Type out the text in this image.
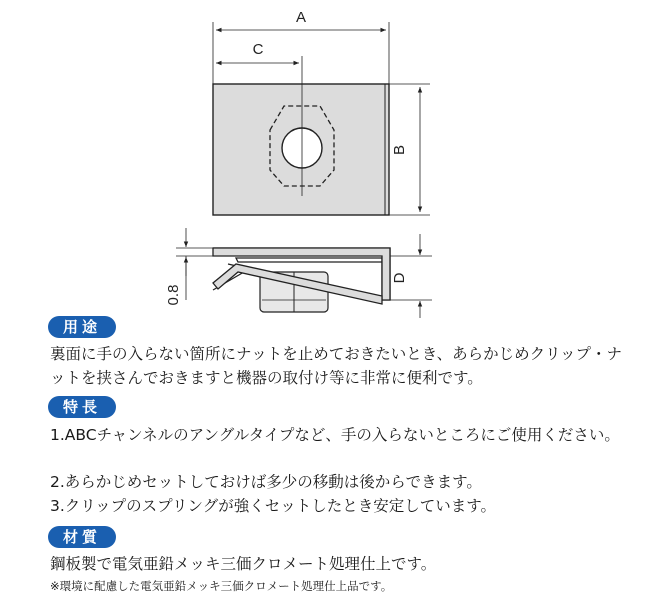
A
C
B
0.8
D
用途
裏面に手の入らない箇所にナットを止めておきたいとき、あらかじめクリップ・ナットを挟さんでおきますと機器の取付け等に非常に便利です。
特長
1.ABCチャンネルのアングルタイプなど、手の入らないところにご使用ください。
2.あらかじめセットしておけば多少の移動は後からできます。
3.クリップのスプリングが強くセットしたとき安定しています。
材質
鋼板製で電気亜鉛メッキ三価クロメート処理仕上です。
※環境に配慮した電気亜鉛メッキ三価クロメート処理仕上品です。
